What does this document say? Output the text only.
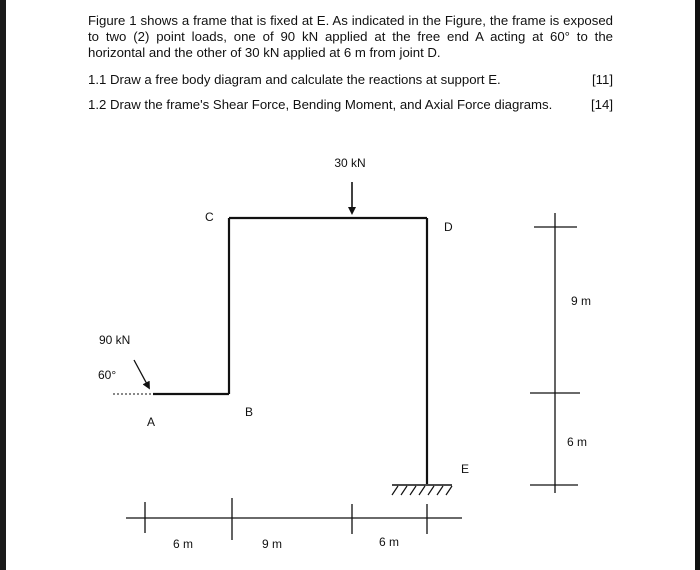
Figure 1 shows a frame that is fixed at E. As indicated in the Figure, the frame is exposed to two (2) point loads, one of 90 kN applied at the free end A acting at 60° to the horizontal and the other of 30 kN applied at 6 m from joint D.

1.1 Draw a free body diagram and calculate the reactions at support E.	[11]
1.2 Draw the frame's Shear Force, Bending Moment, and Axial Force diagrams.	[14]
30 kN
90 kN
60°
A
B
C
D
E
6 m	9 m	6 m
9 m
6 m
